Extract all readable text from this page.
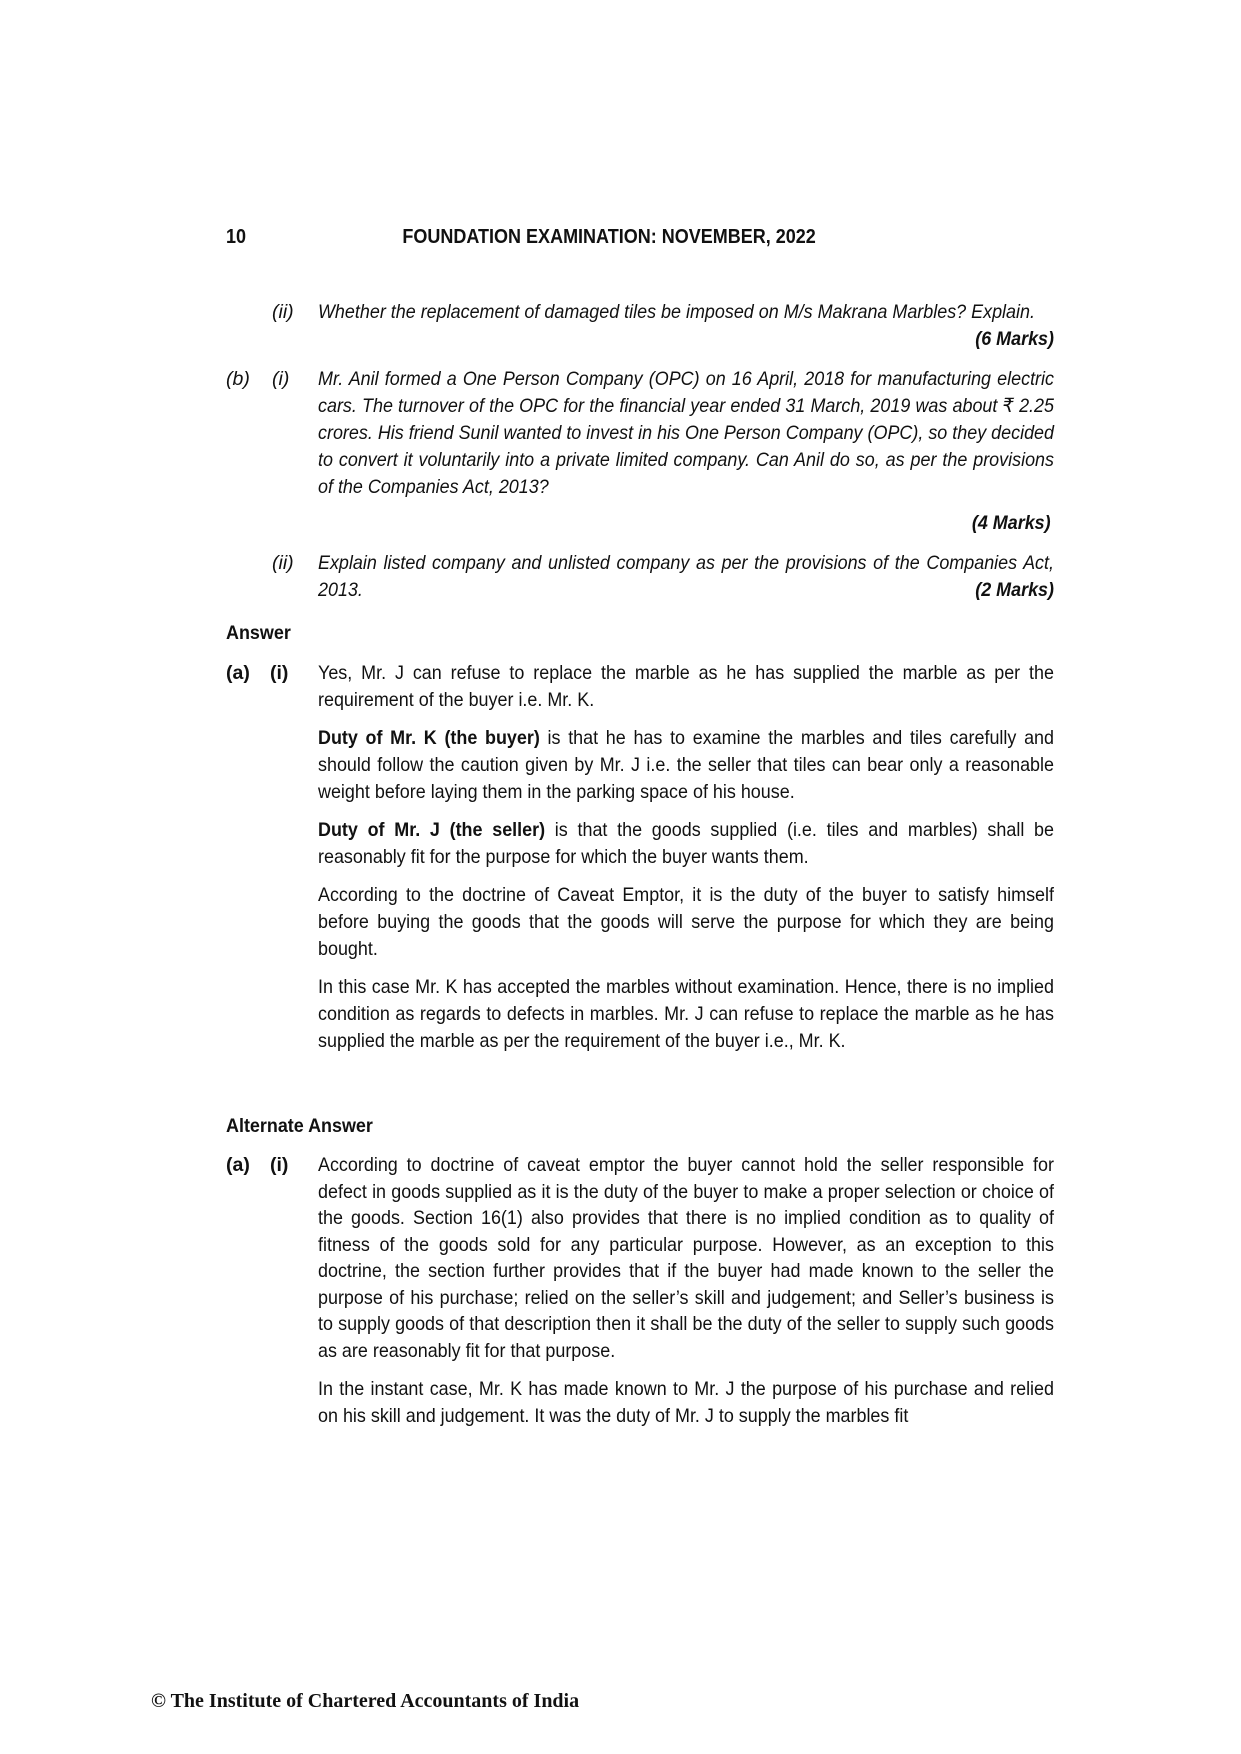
10	FOUNDATION EXAMINATION: NOVEMBER, 2022
(ii) Whether the replacement of damaged tiles be imposed on M/s Makrana Marbles? Explain.
(6 Marks)
(b) (i) Mr. Anil formed a One Person Company (OPC) on 16 April, 2018 for manufacturing electric cars. The turnover of the OPC for the financial year ended 31 March, 2019 was about ₹ 2.25 crores. His friend Sunil wanted to invest in his One Person Company (OPC), so they decided to convert it voluntarily into a private limited company. Can Anil do so, as per the provisions of the Companies Act, 2013?
(4 Marks)
(ii) Explain listed company and unlisted company as per the provisions of the Companies Act, 2013.	(2 Marks)
Answer
(a) (i) Yes, Mr. J can refuse to replace the marble as he has supplied the marble as per the requirement of the buyer i.e. Mr. K.

Duty of Mr. K (the buyer) is that he has to examine the marbles and tiles carefully and should follow the caution given by Mr. J i.e. the seller that tiles can bear only a reasonable weight before laying them in the parking space of his house.

Duty of Mr. J (the seller) is that the goods supplied (i.e. tiles and marbles) shall be reasonably fit for the purpose for which the buyer wants them.

According to the doctrine of Caveat Emptor, it is the duty of the buyer to satisfy himself before buying the goods that the goods will serve the purpose for which they are being bought.

In this case Mr. K has accepted the marbles without examination. Hence, there is no implied condition as regards to defects in marbles. Mr. J can refuse to replace the marble as he has supplied the marble as per the requirement of the buyer i.e., Mr. K.

Alternate Answer
(a) (i) According to doctrine of caveat emptor the buyer cannot hold the seller responsible for defect in goods supplied as it is the duty of the buyer to make a proper selection or choice of the goods. Section 16(1) also provides that there is no implied condition as to quality of fitness of the goods sold for any particular purpose. However, as an exception to this doctrine, the section further provides that if the buyer had made known to the seller the purpose of his purchase; relied on the seller’s skill and judgement; and Seller’s business is to supply goods of that description then it shall be the duty of the seller to supply such goods as are reasonably fit for that purpose.

In the instant case, Mr. K has made known to Mr. J the purpose of his purchase and relied on his skill and judgement. It was the duty of Mr. J to supply the marbles fit

© The Institute of Chartered Accountants of India
